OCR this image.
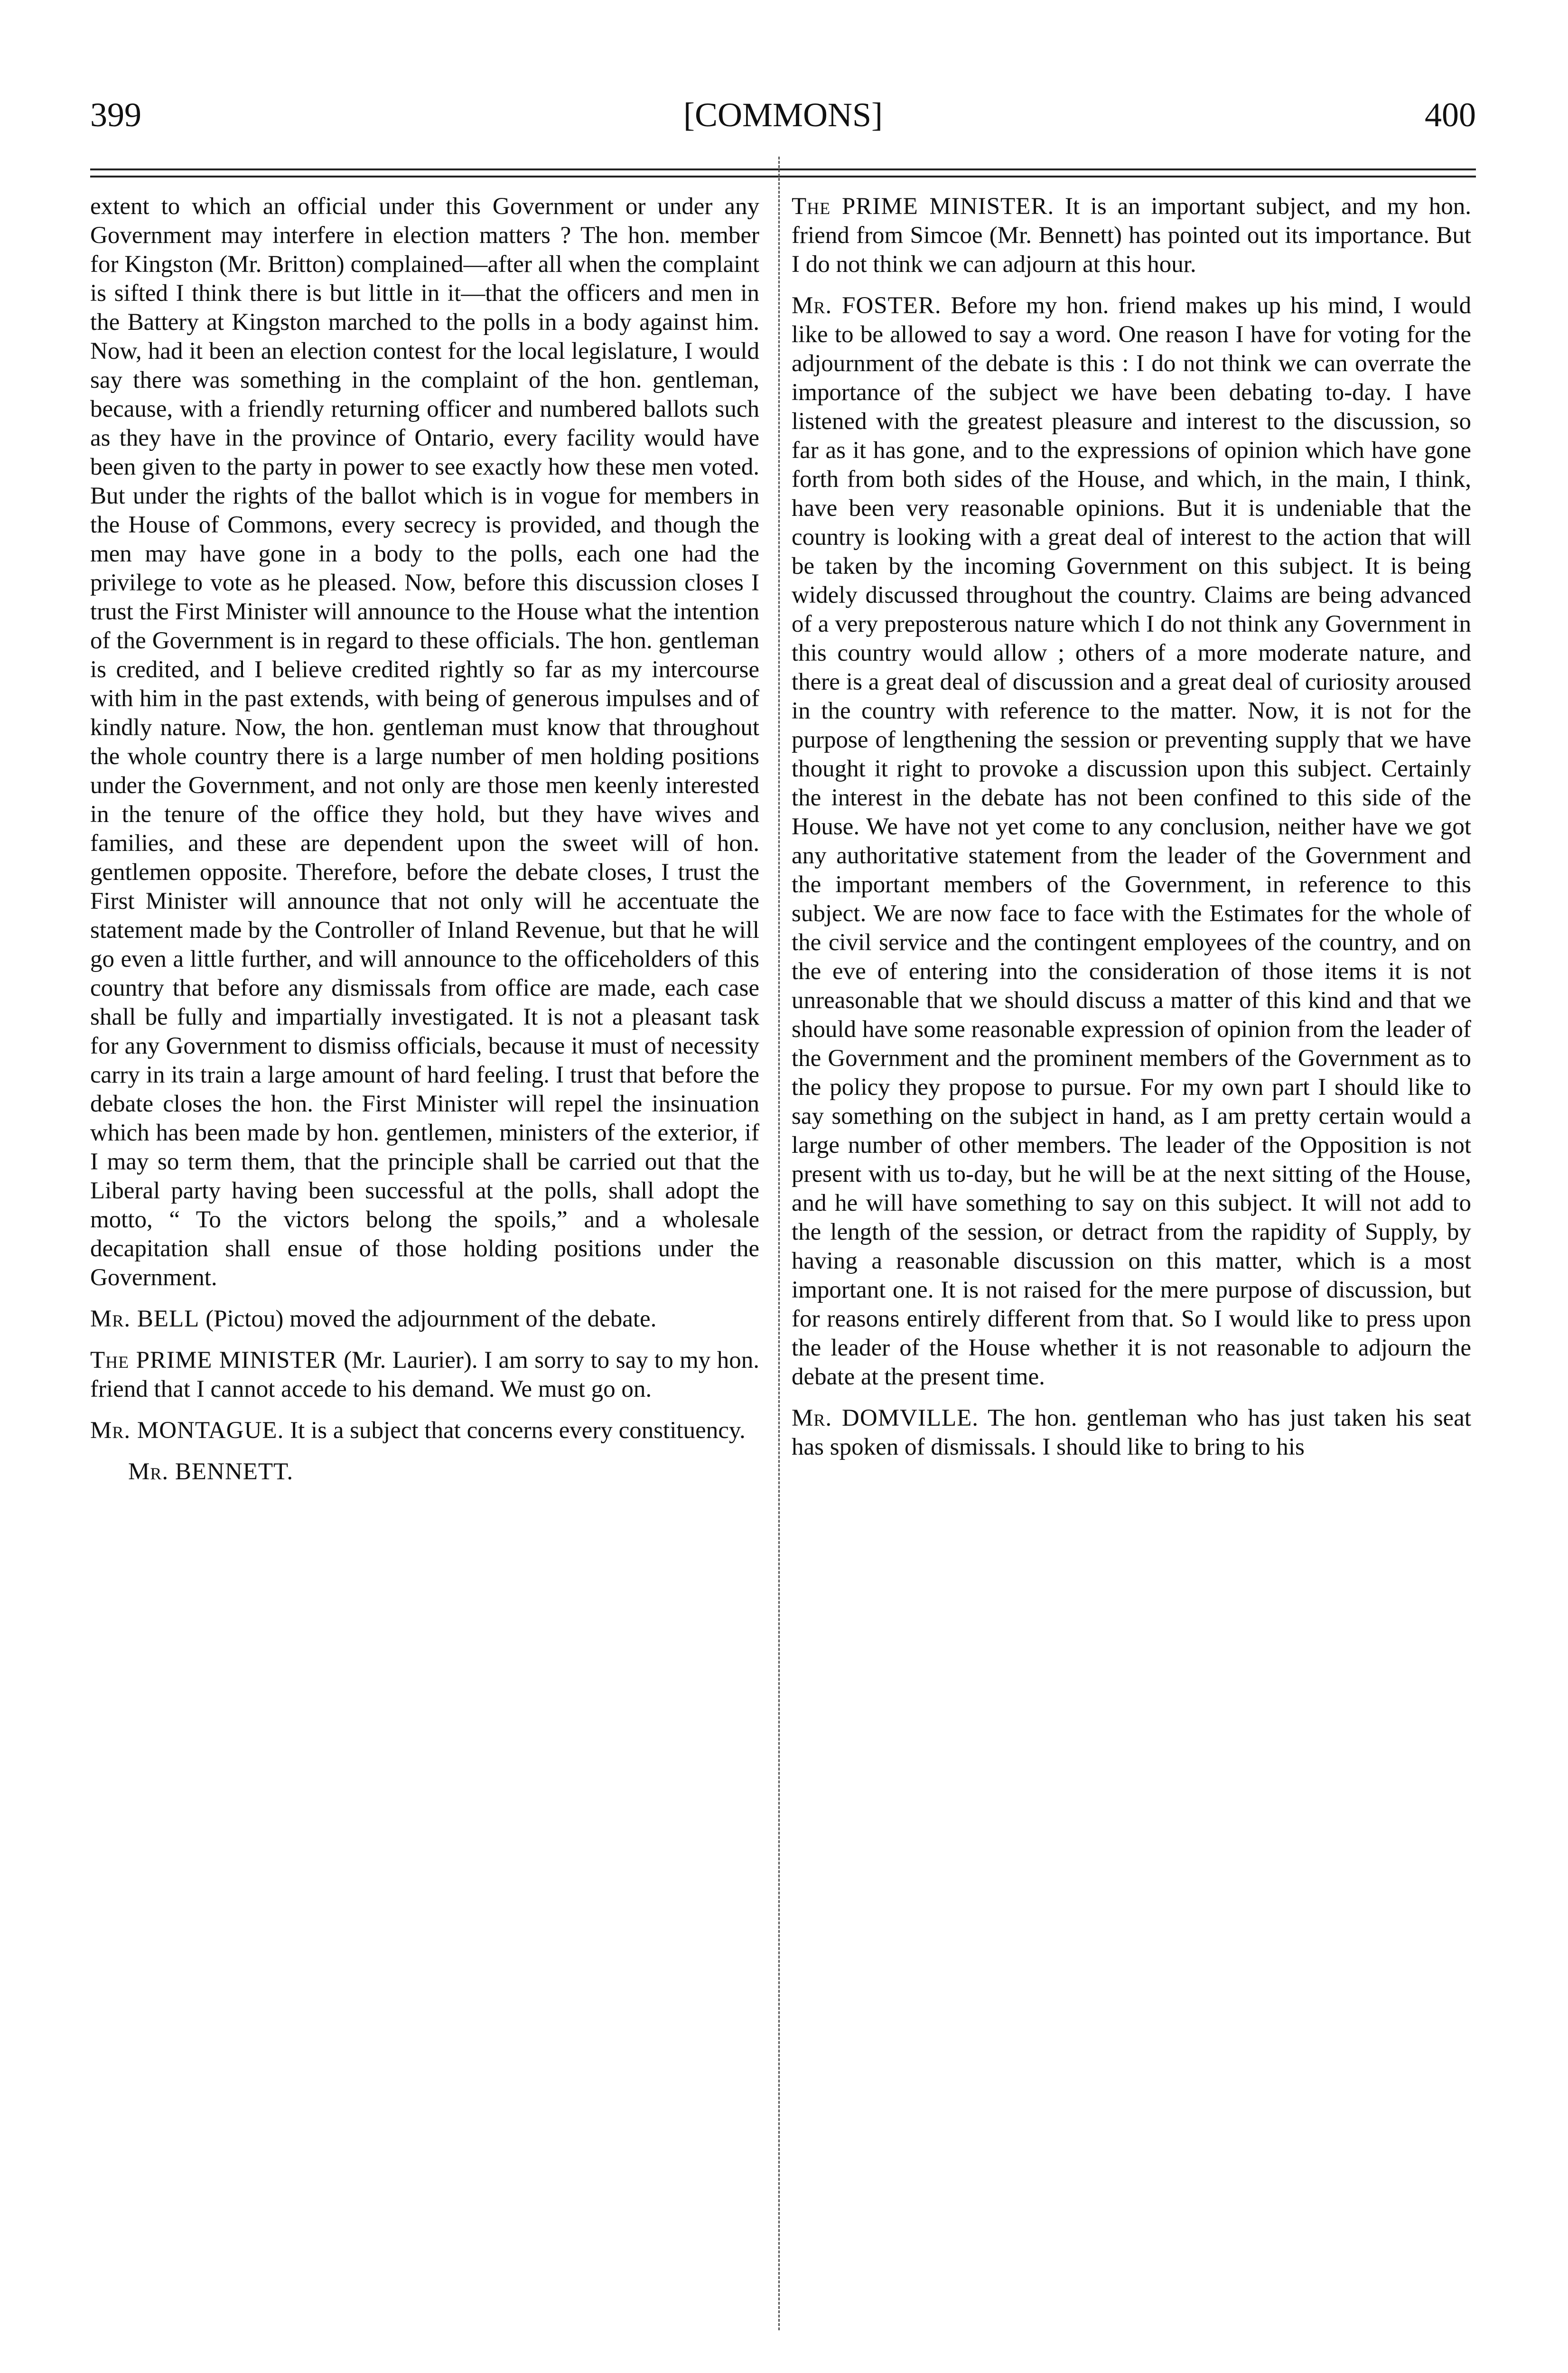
399	[COMMONS]	400

extent to which an official under this Government or under any Government may interfere in election matters ? The hon. member for Kingston (Mr. Britton) complained—after all when the complaint is sifted I think there is but little in it—that the officers and men in the Battery at Kingston marched to the polls in a body against him. Now, had it been an election contest for the local legislature, I would say there was something in the complaint of the hon. gentleman, because, with a friendly returning officer and numbered ballots such as they have in the province of Ontario, every facility would have been given to the party in power to see exactly how these men voted. But under the rights of the ballot which is in vogue for members in the House of Commons, every secrecy is provided, and though the men may have gone in a body to the polls, each one had the privilege to vote as he pleased. Now, before this discussion closes I trust the First Minister will announce to the House what the intention of the Government is in regard to these officials. The hon. gentleman is credited, and I believe credited rightly so far as my intercourse with him in the past extends, with being of generous impulses and of kindly nature. Now, the hon. gentleman must know that throughout the whole country there is a large number of men holding positions under the Government, and not only are those men keenly interested in the tenure of the office they hold, but they have wives and families, and these are dependent upon the sweet will of hon. gentlemen opposite. Therefore, before the debate closes, I trust the First Minister will announce that not only will he accentuate the statement made by the Controller of Inland Revenue, but that he will go even a little further, and will announce to the officeholders of this country that before any dismissals from office are made, each case shall be fully and impartially investigated. It is not a pleasant task for any Government to dismiss officials, because it must of necessity carry in its train a large amount of hard feeling. I trust that before the debate closes the hon. the First Minister will repel the insinuation which has been made by hon. gentlemen, ministers of the exterior, if I may so term them, that the principle shall be carried out that the Liberal party having been successful at the polls, shall adopt the motto, “ To the victors belong the spoils,” and a wholesale decapitation shall ensue of those holding positions under the Government.

Mr. BELL (Pictou) moved the adjournment of the debate.

The PRIME MINISTER (Mr. Laurier). I am sorry to say to my hon. friend that I cannot accede to his demand. We must go on.

Mr. MONTAGUE. It is a subject that concerns every constituency.

Mr. BENNETT.

The PRIME MINISTER. It is an important subject, and my hon. friend from Simcoe (Mr. Bennett) has pointed out its importance. But I do not think we can adjourn at this hour.

Mr. FOSTER. Before my hon. friend makes up his mind, I would like to be allowed to say a word. One reason I have for voting for the adjournment of the debate is this : I do not think we can overrate the importance of the subject we have been debating to-day. I have listened with the greatest pleasure and interest to the discussion, so far as it has gone, and to the expressions of opinion which have gone forth from both sides of the House, and which, in the main, I think, have been very reasonable opinions. But it is undeniable that the country is looking with a great deal of interest to the action that will be taken by the incoming Government on this subject. It is being widely discussed throughout the country. Claims are being advanced of a very preposterous nature which I do not think any Government in this country would allow ; others of a more moderate nature, and there is a great deal of discussion and a great deal of curiosity aroused in the country with reference to the matter. Now, it is not for the purpose of lengthening the session or preventing supply that we have thought it right to provoke a discussion upon this subject. Certainly the interest in the debate has not been confined to this side of the House. We have not yet come to any conclusion, neither have we got any authoritative statement from the leader of the Government and the important members of the Government, in reference to this subject. We are now face to face with the Estimates for the whole of the civil service and the contingent employees of the country, and on the eve of entering into the consideration of those items it is not unreasonable that we should discuss a matter of this kind and that we should have some reasonable expression of opinion from the leader of the Government and the prominent members of the Government as to the policy they propose to pursue. For my own part I should like to say something on the subject in hand, as I am pretty certain would a large number of other members. The leader of the Opposition is not present with us to-day, but he will be at the next sitting of the House, and he will have something to say on this subject. It will not add to the length of the session, or detract from the rapidity of Supply, by having a reasonable discussion on this matter, which is a most important one. It is not raised for the mere purpose of discussion, but for reasons entirely different from that. So I would like to press upon the leader of the House whether it is not reasonable to adjourn the debate at the present time.

Mr. DOMVILLE. The hon. gentleman who has just taken his seat has spoken of dismissals. I should like to bring to his
